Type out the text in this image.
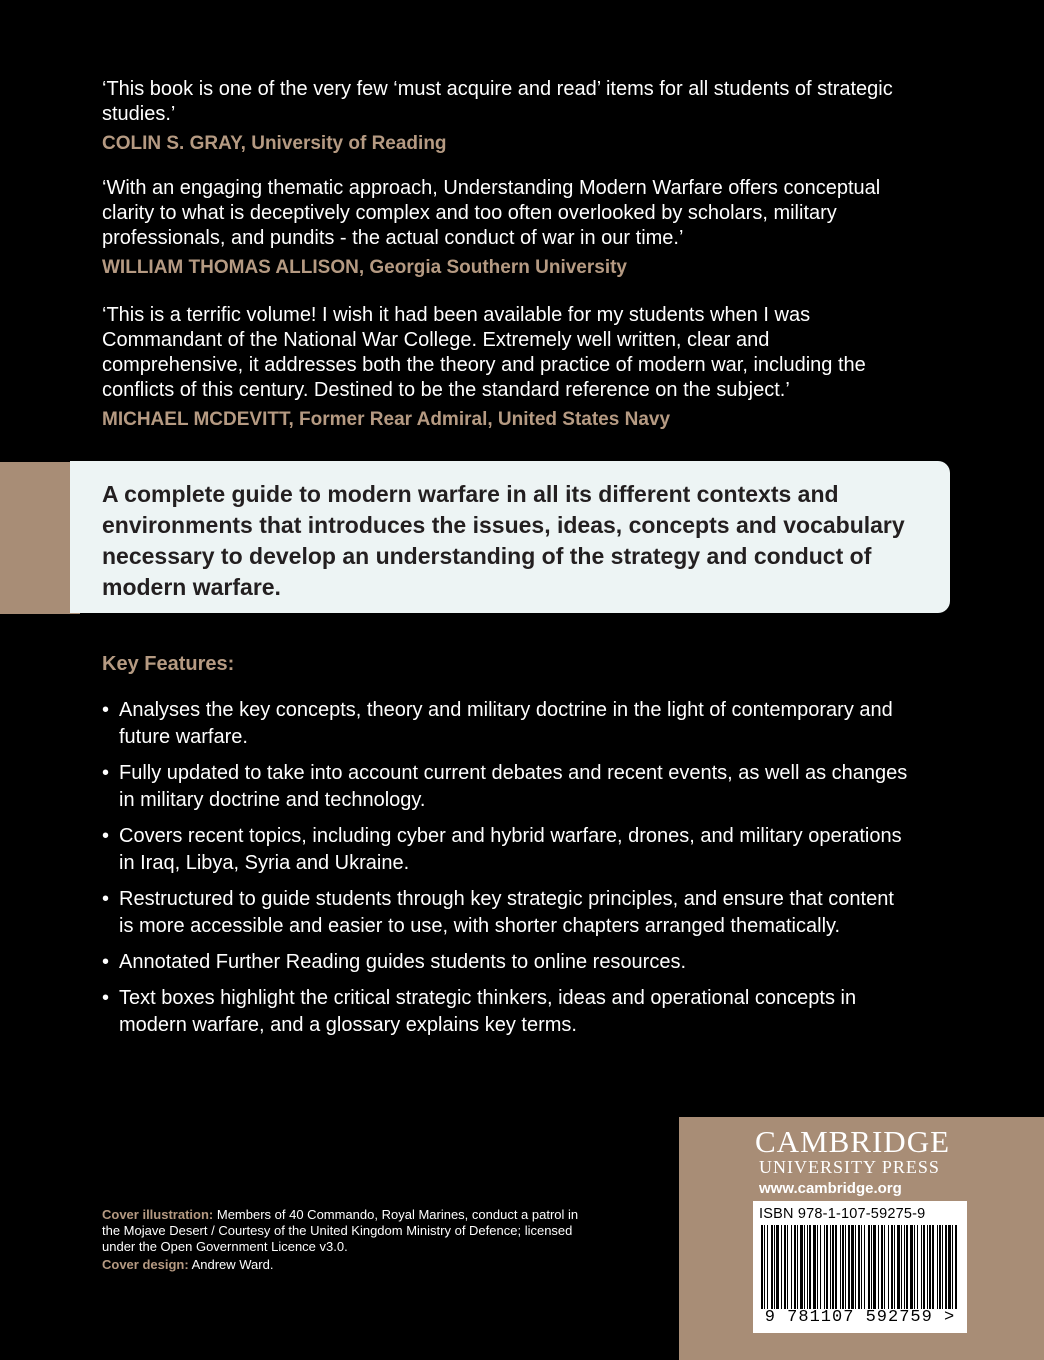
‘This book is one of the very few ‘must acquire and read’ items for all students of strategic studies.’

COLIN S. GRAY, University of Reading

‘With an engaging thematic approach, Understanding Modern Warfare offers conceptual clarity to what is deceptively complex and too often overlooked by scholars, military professionals, and pundits - the actual conduct of war in our time.’

WILLIAM THOMAS ALLISON, Georgia Southern University

‘This is a terrific volume! I wish it had been available for my students when I was Commandant of the National War College. Extremely well written, clear and comprehensive, it addresses both the theory and practice of modern war, including the conflicts of this century. Destined to be the standard reference on the subject.’

MICHAEL MCDEVITT, Former Rear Admiral, United States Navy

A complete guide to modern warfare in all its different contexts and environments that introduces the issues, ideas, concepts and vocabulary necessary to develop an understanding of the strategy and conduct of modern warfare.

Key Features:
• Analyses the key concepts, theory and military doctrine in the light of contemporary and future warfare.
• Fully updated to take into account current debates and recent events, as well as changes in military doctrine and technology.
• Covers recent topics, including cyber and hybrid warfare, drones, and military operations in Iraq, Libya, Syria and Ukraine.
• Restructured to guide students through key strategic principles, and ensure that content is more accessible and easier to use, with shorter chapters arranged thematically.
• Annotated Further Reading guides students to online resources.
• Text boxes highlight the critical strategic thinkers, ideas and operational concepts in modern warfare, and a glossary explains key terms.

Cover illustration: Members of 40 Commando, Royal Marines, conduct a patrol in the Mojave Desert / Courtesy of the United Kingdom Ministry of Defence; licensed under the Open Government Licence v3.0.

Cover design: Andrew Ward.

CAMBRIDGE
UNIVERSITY PRESS
www.cambridge.org
ISBN 978-1-107-59275-9
9 781107 592759 >
